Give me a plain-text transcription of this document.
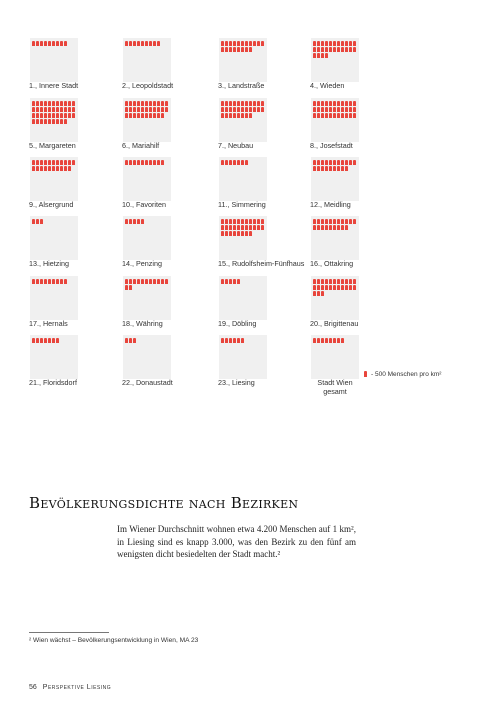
1., Innere Stadt	2., Leopoldstadt	3., Landstraße	4., Wieden
5., Margareten	6., Mariahilf	7., Neubau	8., Josefstadt
9., Alsergrund	10., Favoriten	11., Simmering	12., Meidling
13., Hietzing	14., Penzing	15., Rudolfsheim-Fünfhaus 16., Ottakring
17., Hernals	18., Währing	19., Döbling	20., Brigittenau
21., Floridsdorf	22., Donaustadt	23., Liesing	Stadt Wien gesamt
- 500 Menschen pro km²
Bevölkerungsdichte nach Bezirken

Im Wiener Durchschnitt wohnen etwa 4.200 Menschen auf 1 km², in Liesing sind es knapp 3.000, was den Bezirk zu den fünf am wenigsten dicht besiedelten der Stadt macht.²

² Wien wächst – Bevölkerungsentwicklung in Wien, MA 23
56 Perspektive Liesing
